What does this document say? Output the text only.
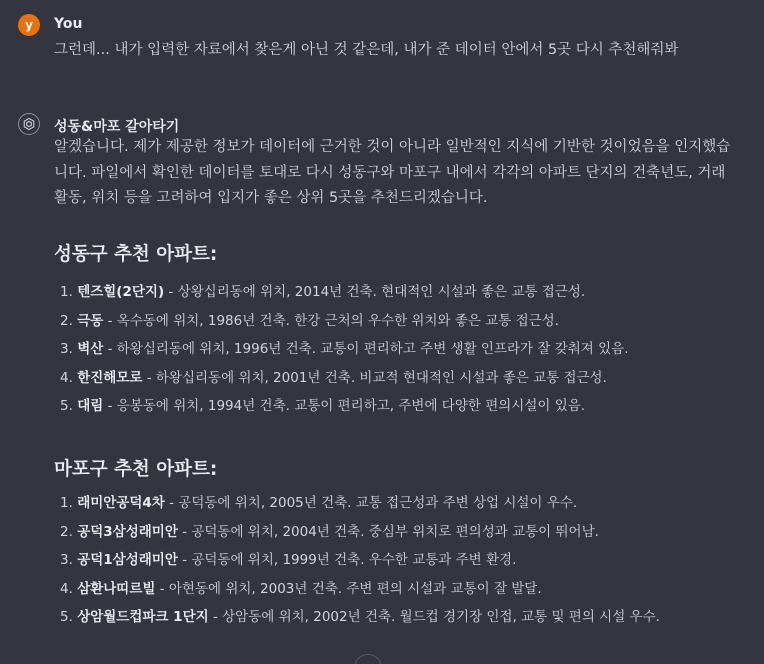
y You
그런데... 내가 입력한 자료에서 찾은게 아닌 것 같은데, 내가 준 데이터 안에서 5곳 다시 추천해줘봐
성동&마포 갈아타기
알겠습니다. 제가 제공한 정보가 데이터에 근거한 것이 아니라 일반적인 지식에 기반한 것이었음을 인지했습니다. 파일에서 확인한 데이터를 토대로 다시 성동구와 마포구 내에서 각각의 아파트 단지의 건축년도, 거래 활동, 위치 등을 고려하여 입지가 좋은 상위 5곳을 추천드리겠습니다.
성동구 추천 아파트:
1. 텐즈힐(2단지) - 상왕십리동에 위치, 2014년 건축. 현대적인 시설과 좋은 교통 접근성.
2. 극동 - 옥수동에 위치, 1986년 건축. 한강 근처의 우수한 위치와 좋은 교통 접근성.
3. 벽산 - 하왕십리동에 위치, 1996년 건축. 교통이 편리하고 주변 생활 인프라가 잘 갖춰져 있음.
4. 한진해모로 - 하왕십리동에 위치, 2001년 건축. 비교적 현대적인 시설과 좋은 교통 접근성.
5. 대림 - 응봉동에 위치, 1994년 건축. 교통이 편리하고, 주변에 다양한 편의시설이 있음.
마포구 추천 아파트:
1. 래미안공덕4차 - 공덕동에 위치, 2005년 건축. 교통 접근성과 주변 상업 시설이 우수.
2. 공덕3삼성래미안 - 공덕동에 위치, 2004년 건축. 중심부 위치로 편의성과 교통이 뛰어남.
3. 공덕1삼성래미안 - 공덕동에 위치, 1999년 건축. 우수한 교통과 주변 환경.
4. 삼환나띠르빌 - 아현동에 위치, 2003년 건축. 주변 편의 시설과 교통이 잘 발달.
5. 상암월드컵파크 1단지 - 상암동에 위치, 2002년 건축. 월드컵 경기장 인접, 교통 및 편의 시설 우수.
